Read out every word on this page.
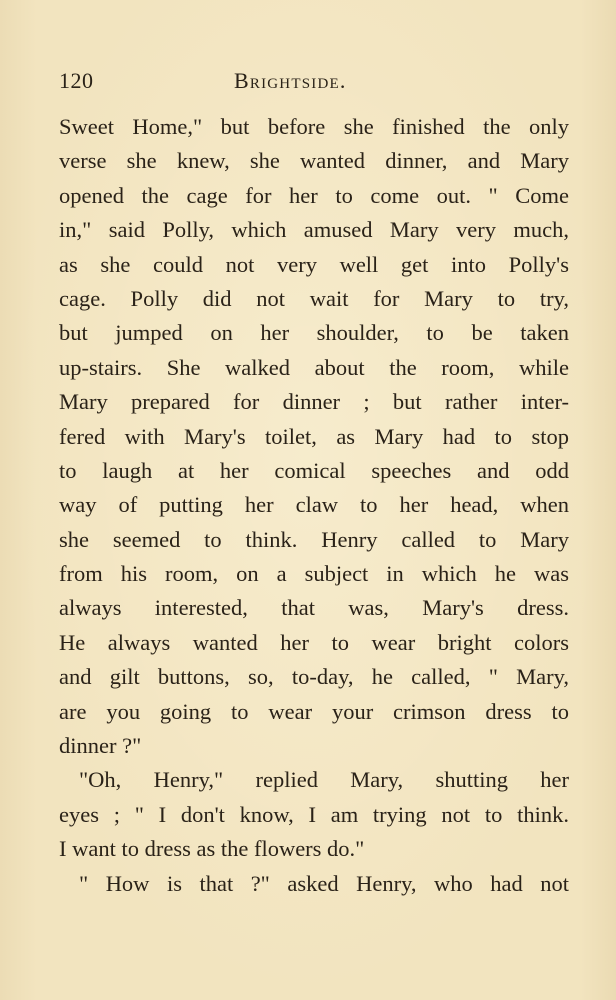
120	Brightside.
Sweet Home," but before she finished the only
verse she knew, she wanted dinner, and Mary
opened the cage for her to come out. " Come
in," said Polly, which amused Mary very much,
as she could not very well get into Polly's
cage. Polly did not wait for Mary to try,
but jumped on her shoulder, to be taken
up-stairs. She walked about the room, while
Mary prepared for dinner ; but rather inter-
fered with Mary's toilet, as Mary had to stop
to laugh at her comical speeches and odd
way of putting her claw to her head, when
she seemed to think. Henry called to Mary
from his room, on a subject in which he was
always interested, that was, Mary's dress.
He always wanted her to wear bright colors
and gilt buttons, so, to-day, he called, " Mary,
are you going to wear your crimson dress to
dinner ?"
"Oh, Henry," replied Mary, shutting her
eyes ; " I don't know, I am trying not to think.
I want to dress as the flowers do."
" How is that ?" asked Henry, who had not
